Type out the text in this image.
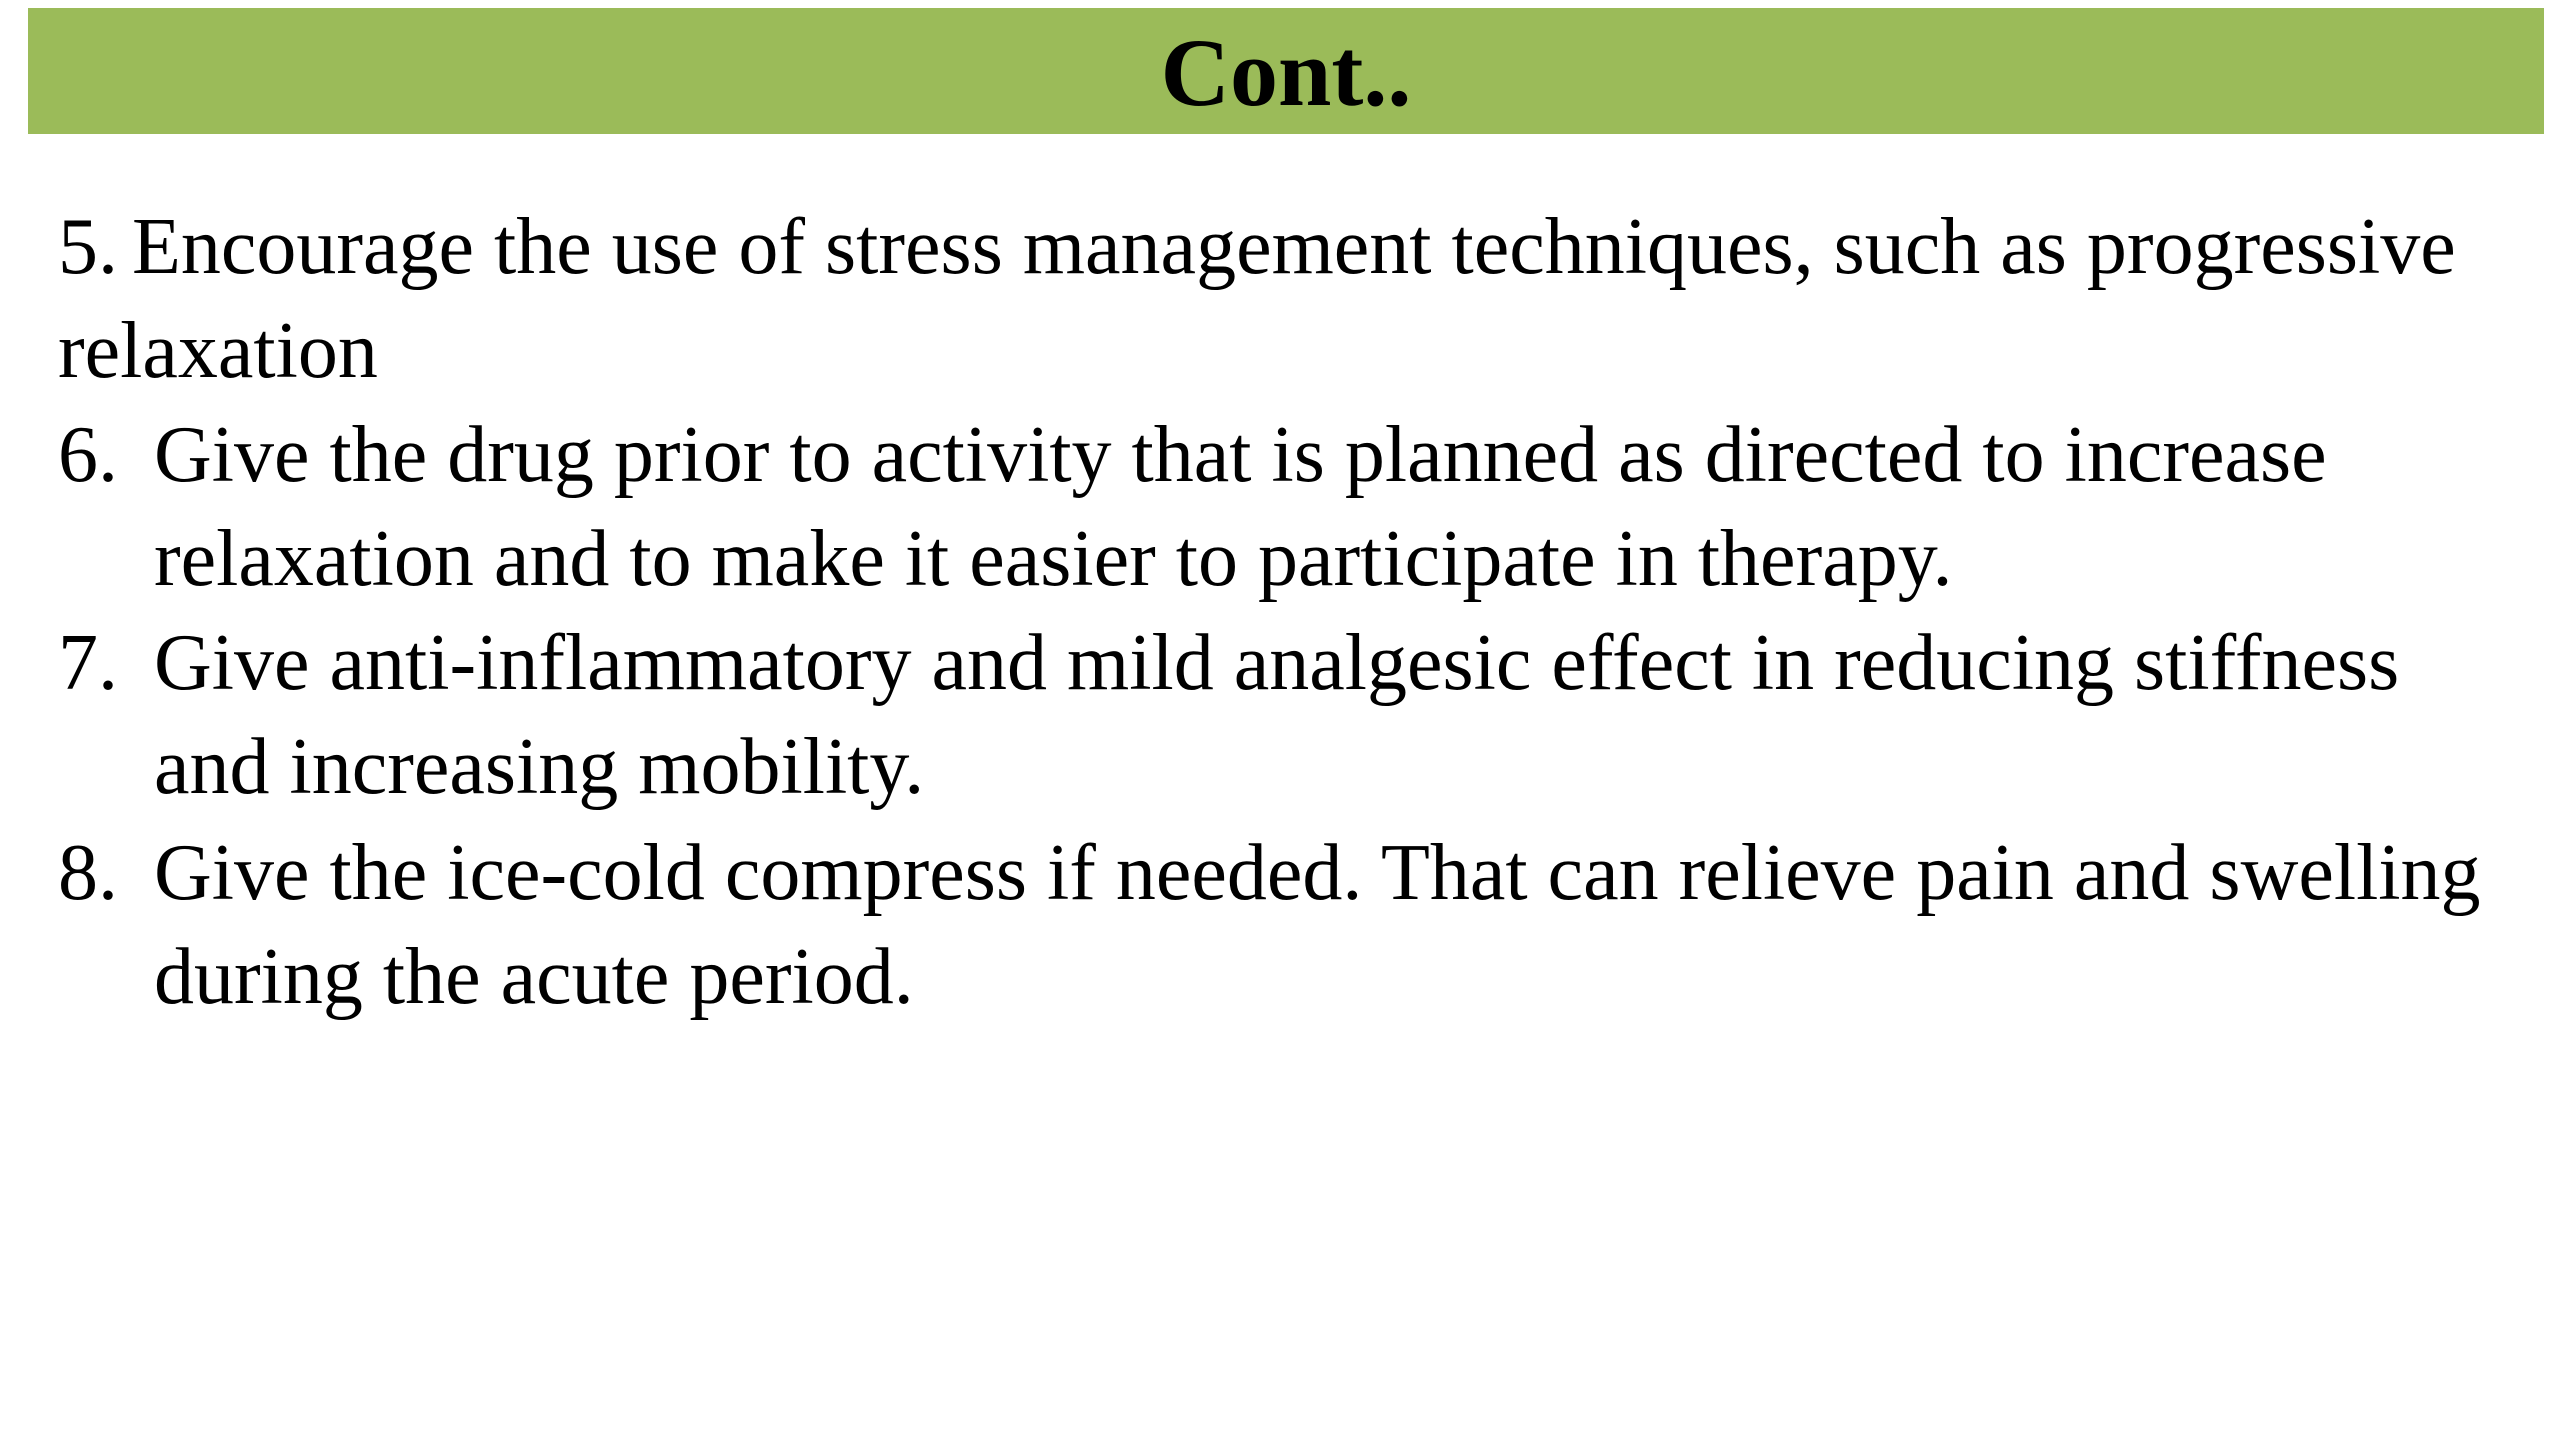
Cont..
5. Encourage the use of stress management techniques, such as progressive relaxation
6. Give the drug prior to activity that is planned as directed to increase relaxation and to make it easier to participate in therapy.
7. Give anti-inflammatory and mild analgesic effect in reducing stiffness and increasing mobility.
8. Give the ice-cold compress if needed. That can relieve pain and swelling during the acute period.
